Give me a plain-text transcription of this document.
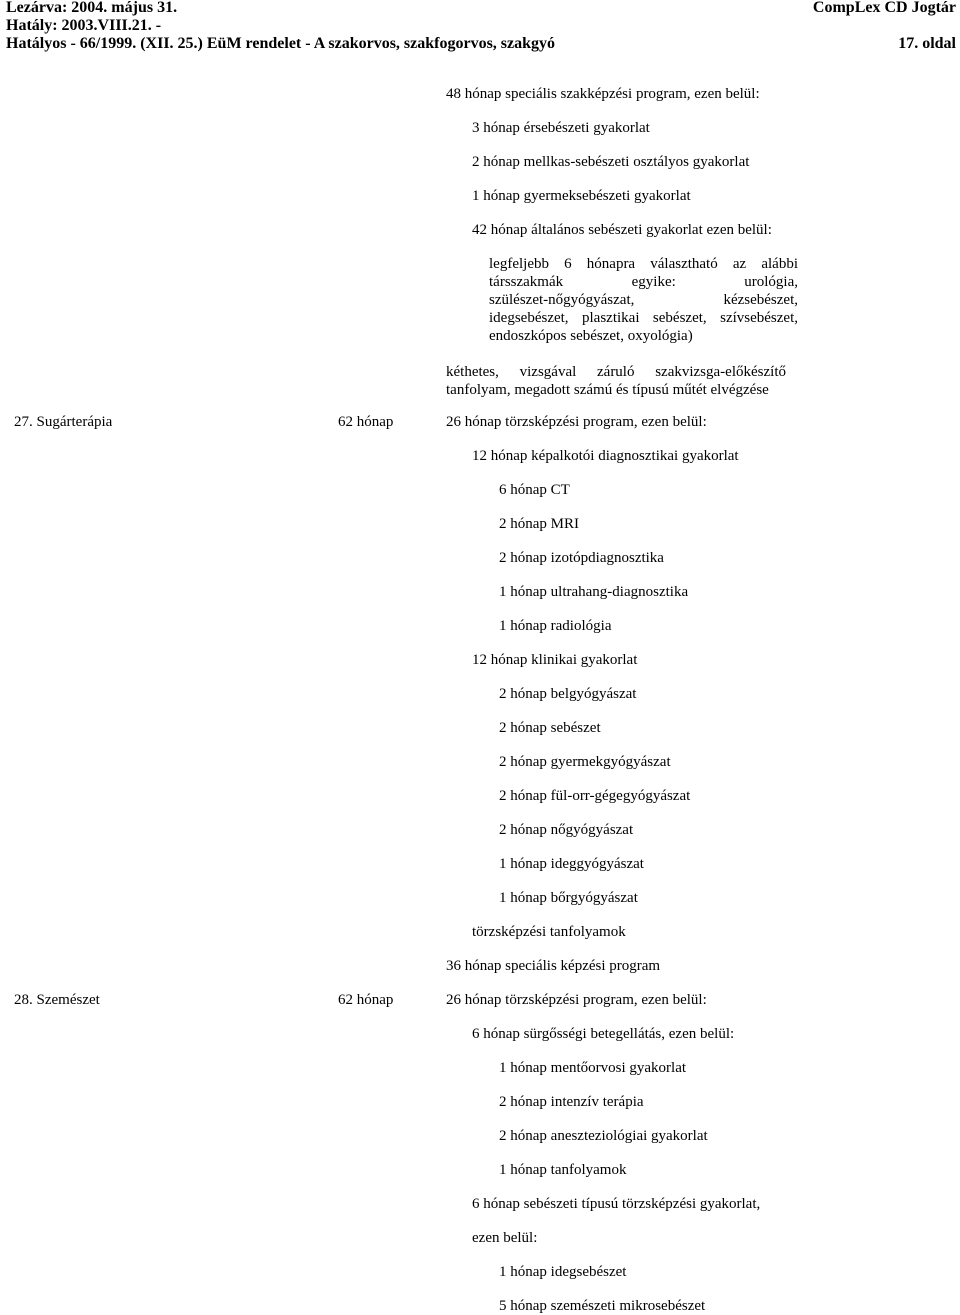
Lezárva: 2004. május 31.
Hatály: 2003.VIII.21. -
Hatályos - 66/1999. (XII. 25.) EüM rendelet - A szakorvos, szakfogorvos, szakgyó
CompLex CD Jogtár
17. oldal
48 hónap speciális szakképzési program, ezen belül:
3 hónap érsebészeti gyakorlat
2 hónap mellkas-sebészeti osztályos gyakorlat
1 hónap gyermeksebészeti gyakorlat
42 hónap általános sebészeti gyakorlat ezen belül:
legfeljebb 6 hónapra választható az alábbi
társszakmák egyike: urológia,
szülészet-nőgyógyászat, kézsebészet,
idegsebészet, plasztikai sebészet, szívsebészet,
endoszkópos sebészet, oxyológia)
kéthetes, vizsgával záruló szakvizsga-előkészítő
tanfolyam, megadott számú és típusú műtét elvégzése
27. Sugárterápia	62 hónap	26 hónap törzsképzési program, ezen belül:
12 hónap képalkotói diagnosztikai gyakorlat
6 hónap CT
2 hónap MRI
2 hónap izotópdiagnosztika
1 hónap ultrahang-diagnosztika
1 hónap radiológia
12 hónap klinikai gyakorlat
2 hónap belgyógyászat
2 hónap sebészet
2 hónap gyermekgyógyászat
2 hónap fül-orr-gégegyógyászat
2 hónap nőgyógyászat
1 hónap ideggyógyászat
1 hónap bőrgyógyászat
törzsképzési tanfolyamok
36 hónap speciális képzési program
28. Szemészet	62 hónap	26 hónap törzsképzési program, ezen belül:
6 hónap sürgősségi betegellátás, ezen belül:
1 hónap mentőorvosi gyakorlat
2 hónap intenzív terápia
2 hónap aneszteziológiai gyakorlat
1 hónap tanfolyamok
6 hónap sebészeti típusú törzsképzési gyakorlat,
ezen belül:
1 hónap idegsebészet
5 hónap szemészeti mikrosebészet
